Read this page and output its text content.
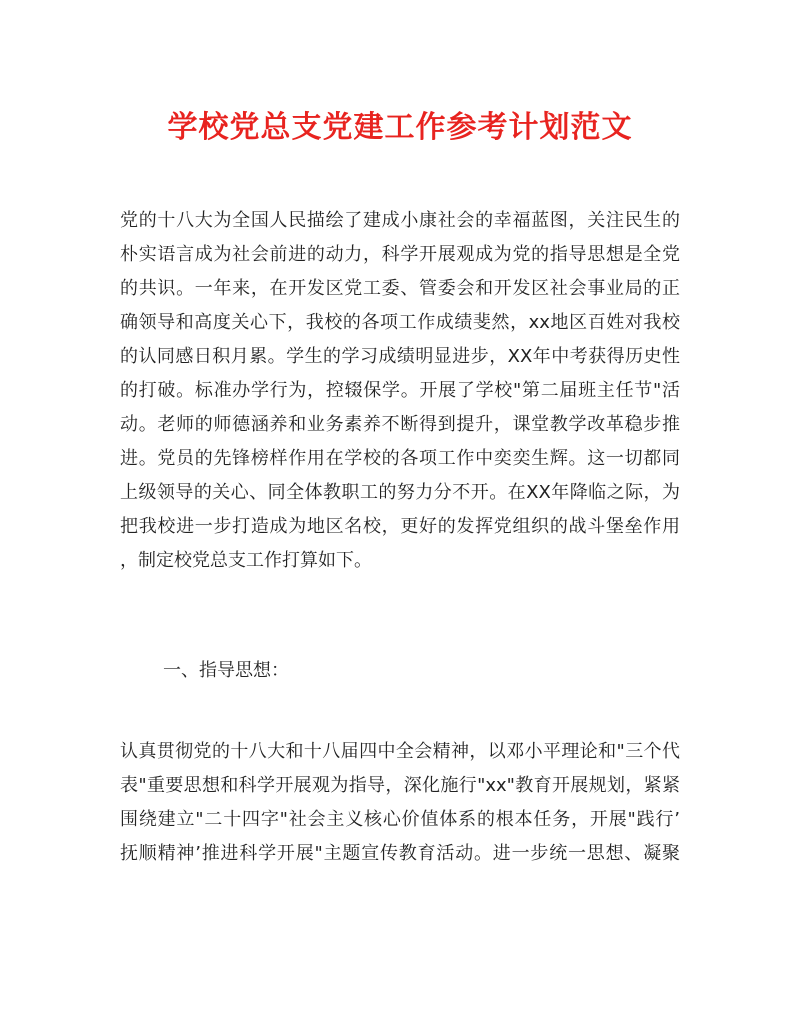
学校党总支党建工作参考计划范文
党的十八大为全国人民描绘了建成小康社会的幸福蓝图，关注民生的
朴实语言成为社会前进的动力，科学开展观成为党的指导思想是全党
的共识。一年来，在开发区党工委、管委会和开发区社会事业局的正
确领导和高度关心下，我校的各项工作成绩斐然，xx地区百姓对我校
的认同感日积月累。学生的学习成绩明显进步，XX年中考获得历史性
的打破。标准办学行为，控辍保学。开展了学校"第二届班主任节"活
动。老师的师德涵养和业务素养不断得到提升，课堂教学改革稳步推
进。党员的先锋榜样作用在学校的各项工作中奕奕生辉。这一切都同
上级领导的关心、同全体教职工的努力分不开。在XX年降临之际，为
把我校进一步打造成为地区名校，更好的发挥党组织的战斗堡垒作用
，制定校党总支工作打算如下。

一、指导思想：

认真贯彻党的十八大和十八届四中全会精神，以邓小平理论和"三个代
表"重要思想和科学开展观为指导，深化施行"xx"教育开展规划，紧紧
围绕建立"二十四字"社会主义核心价值体系的根本任务，开展"践行’
抚顺精神’推进科学开展"主题宣传教育活动。进一步统一思想、凝聚
